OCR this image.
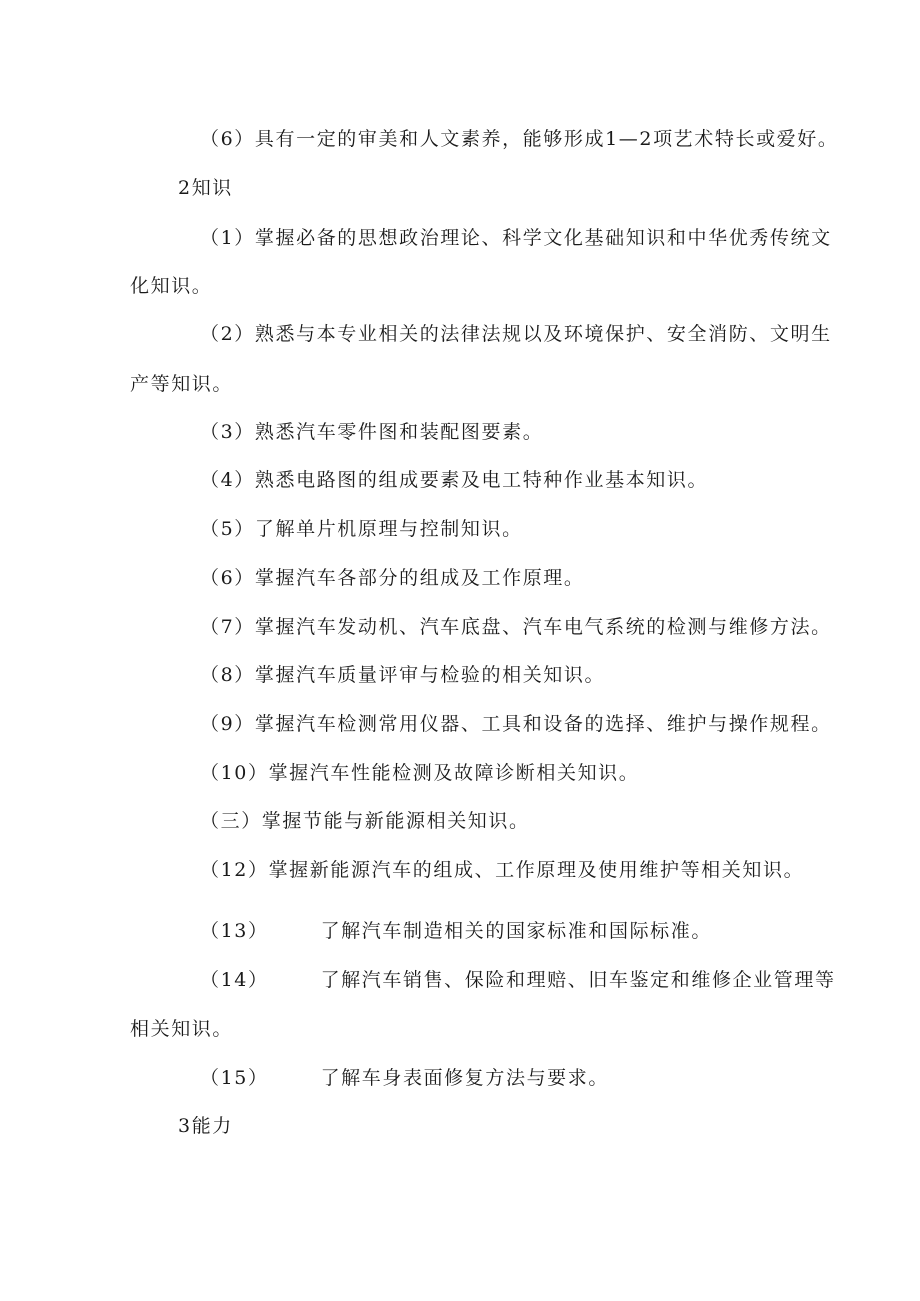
（6）具有一定的审美和人文素养，能够形成1—2项艺术特长或爱好。

2知识

（1）掌握必备的思想政治理论、科学文化基础知识和中华优秀传统文

化知识。

（2）熟悉与本专业相关的法律法规以及环境保护、安全消防、文明生

产等知识。

（3）熟悉汽车零件图和装配图要素。

（4）熟悉电路图的组成要素及电工特种作业基本知识。

（5）了解单片机原理与控制知识。

（6）掌握汽车各部分的组成及工作原理。

（7）掌握汽车发动机、汽车底盘、汽车电气系统的检测与维修方法。

（8）掌握汽车质量评审与检验的相关知识。

（9）掌握汽车检测常用仪器、工具和设备的选择、维护与操作规程。

（10）掌握汽车性能检测及故障诊断相关知识。

（三）掌握节能与新能源相关知识。

（12）掌握新能源汽车的组成、工作原理及使用维护等相关知识。

（13）	了解汽车制造相关的国家标准和国际标准。

（14）	了解汽车销售、保险和理赔、旧车鉴定和维修企业管理等

相关知识。

（15）	了解车身表面修复方法与要求。

3能力
